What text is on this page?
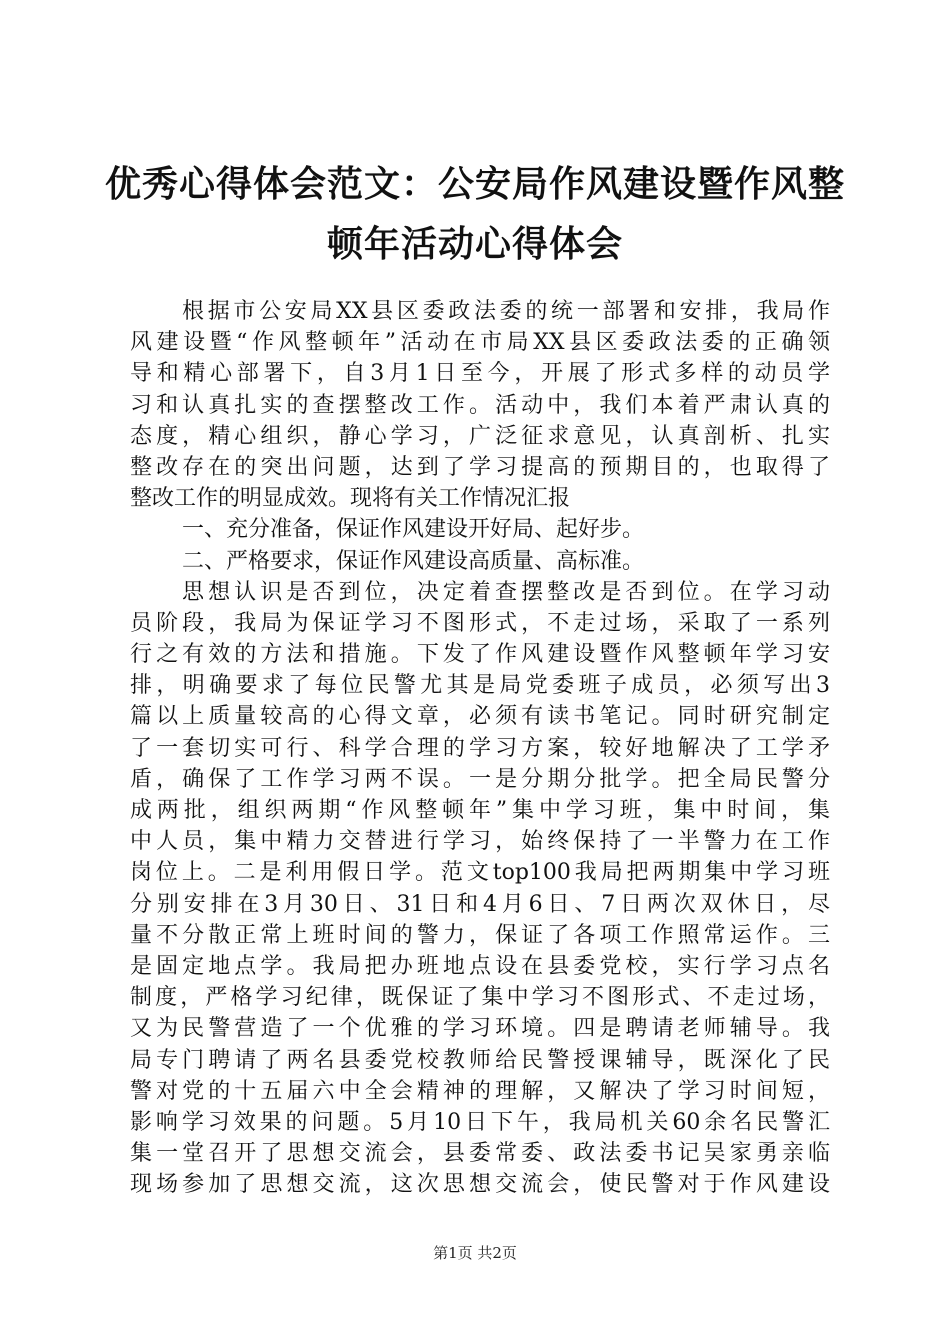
优秀心得体会范文：公安局作风建设暨作风整
顿年活动心得体会
根据市公安局XX县区委政法委的统一部署和安排，我局作
风建设暨“作风整顿年”活动在市局XX县区委政法委的正确领
导和精心部署下，自3月1日至今，开展了形式多样的动员学
习和认真扎实的查摆整改工作。活动中，我们本着严肃认真的
态度，精心组织，静心学习，广泛征求意见，认真剖析、扎实
整改存在的突出问题，达到了学习提高的预期目的，也取得了
整改工作的明显成效。现将有关工作情况汇报
一、充分准备，保证作风建设开好局、起好步。
二、严格要求，保证作风建设高质量、高标准。
思想认识是否到位，决定着查摆整改是否到位。在学习动
员阶段，我局为保证学习不图形式，不走过场，采取了一系列
行之有效的方法和措施。下发了作风建设暨作风整顿年学习安
排，明确要求了每位民警尤其是局党委班子成员，必须写出3
篇以上质量较高的心得文章，必须有读书笔记。同时研究制定
了一套切实可行、科学合理的学习方案，较好地解决了工学矛
盾，确保了工作学习两不误。一是分期分批学。把全局民警分
成两批，组织两期“作风整顿年”集中学习班，集中时间，集
中人员，集中精力交替进行学习，始终保持了一半警力在工作
岗位上。二是利用假日学。范文top100我局把两期集中学习班
分别安排在3月30日、31日和4月6日、7日两次双休日，尽
量不分散正常上班时间的警力，保证了各项工作照常运作。三
是固定地点学。我局把办班地点设在县委党校，实行学习点名
制度，严格学习纪律，既保证了集中学习不图形式、不走过场，
又为民警营造了一个优雅的学习环境。四是聘请老师辅导。我
局专门聘请了两名县委党校教师给民警授课辅导，既深化了民
警对党的十五届六中全会精神的理解，又解决了学习时间短，
影响学习效果的问题。5月10日下午，我局机关60余名民警汇
集一堂召开了思想交流会，县委常委、政法委书记吴家勇亲临
现场参加了思想交流，这次思想交流会，使民警对于作风建设
第1页 共2页
